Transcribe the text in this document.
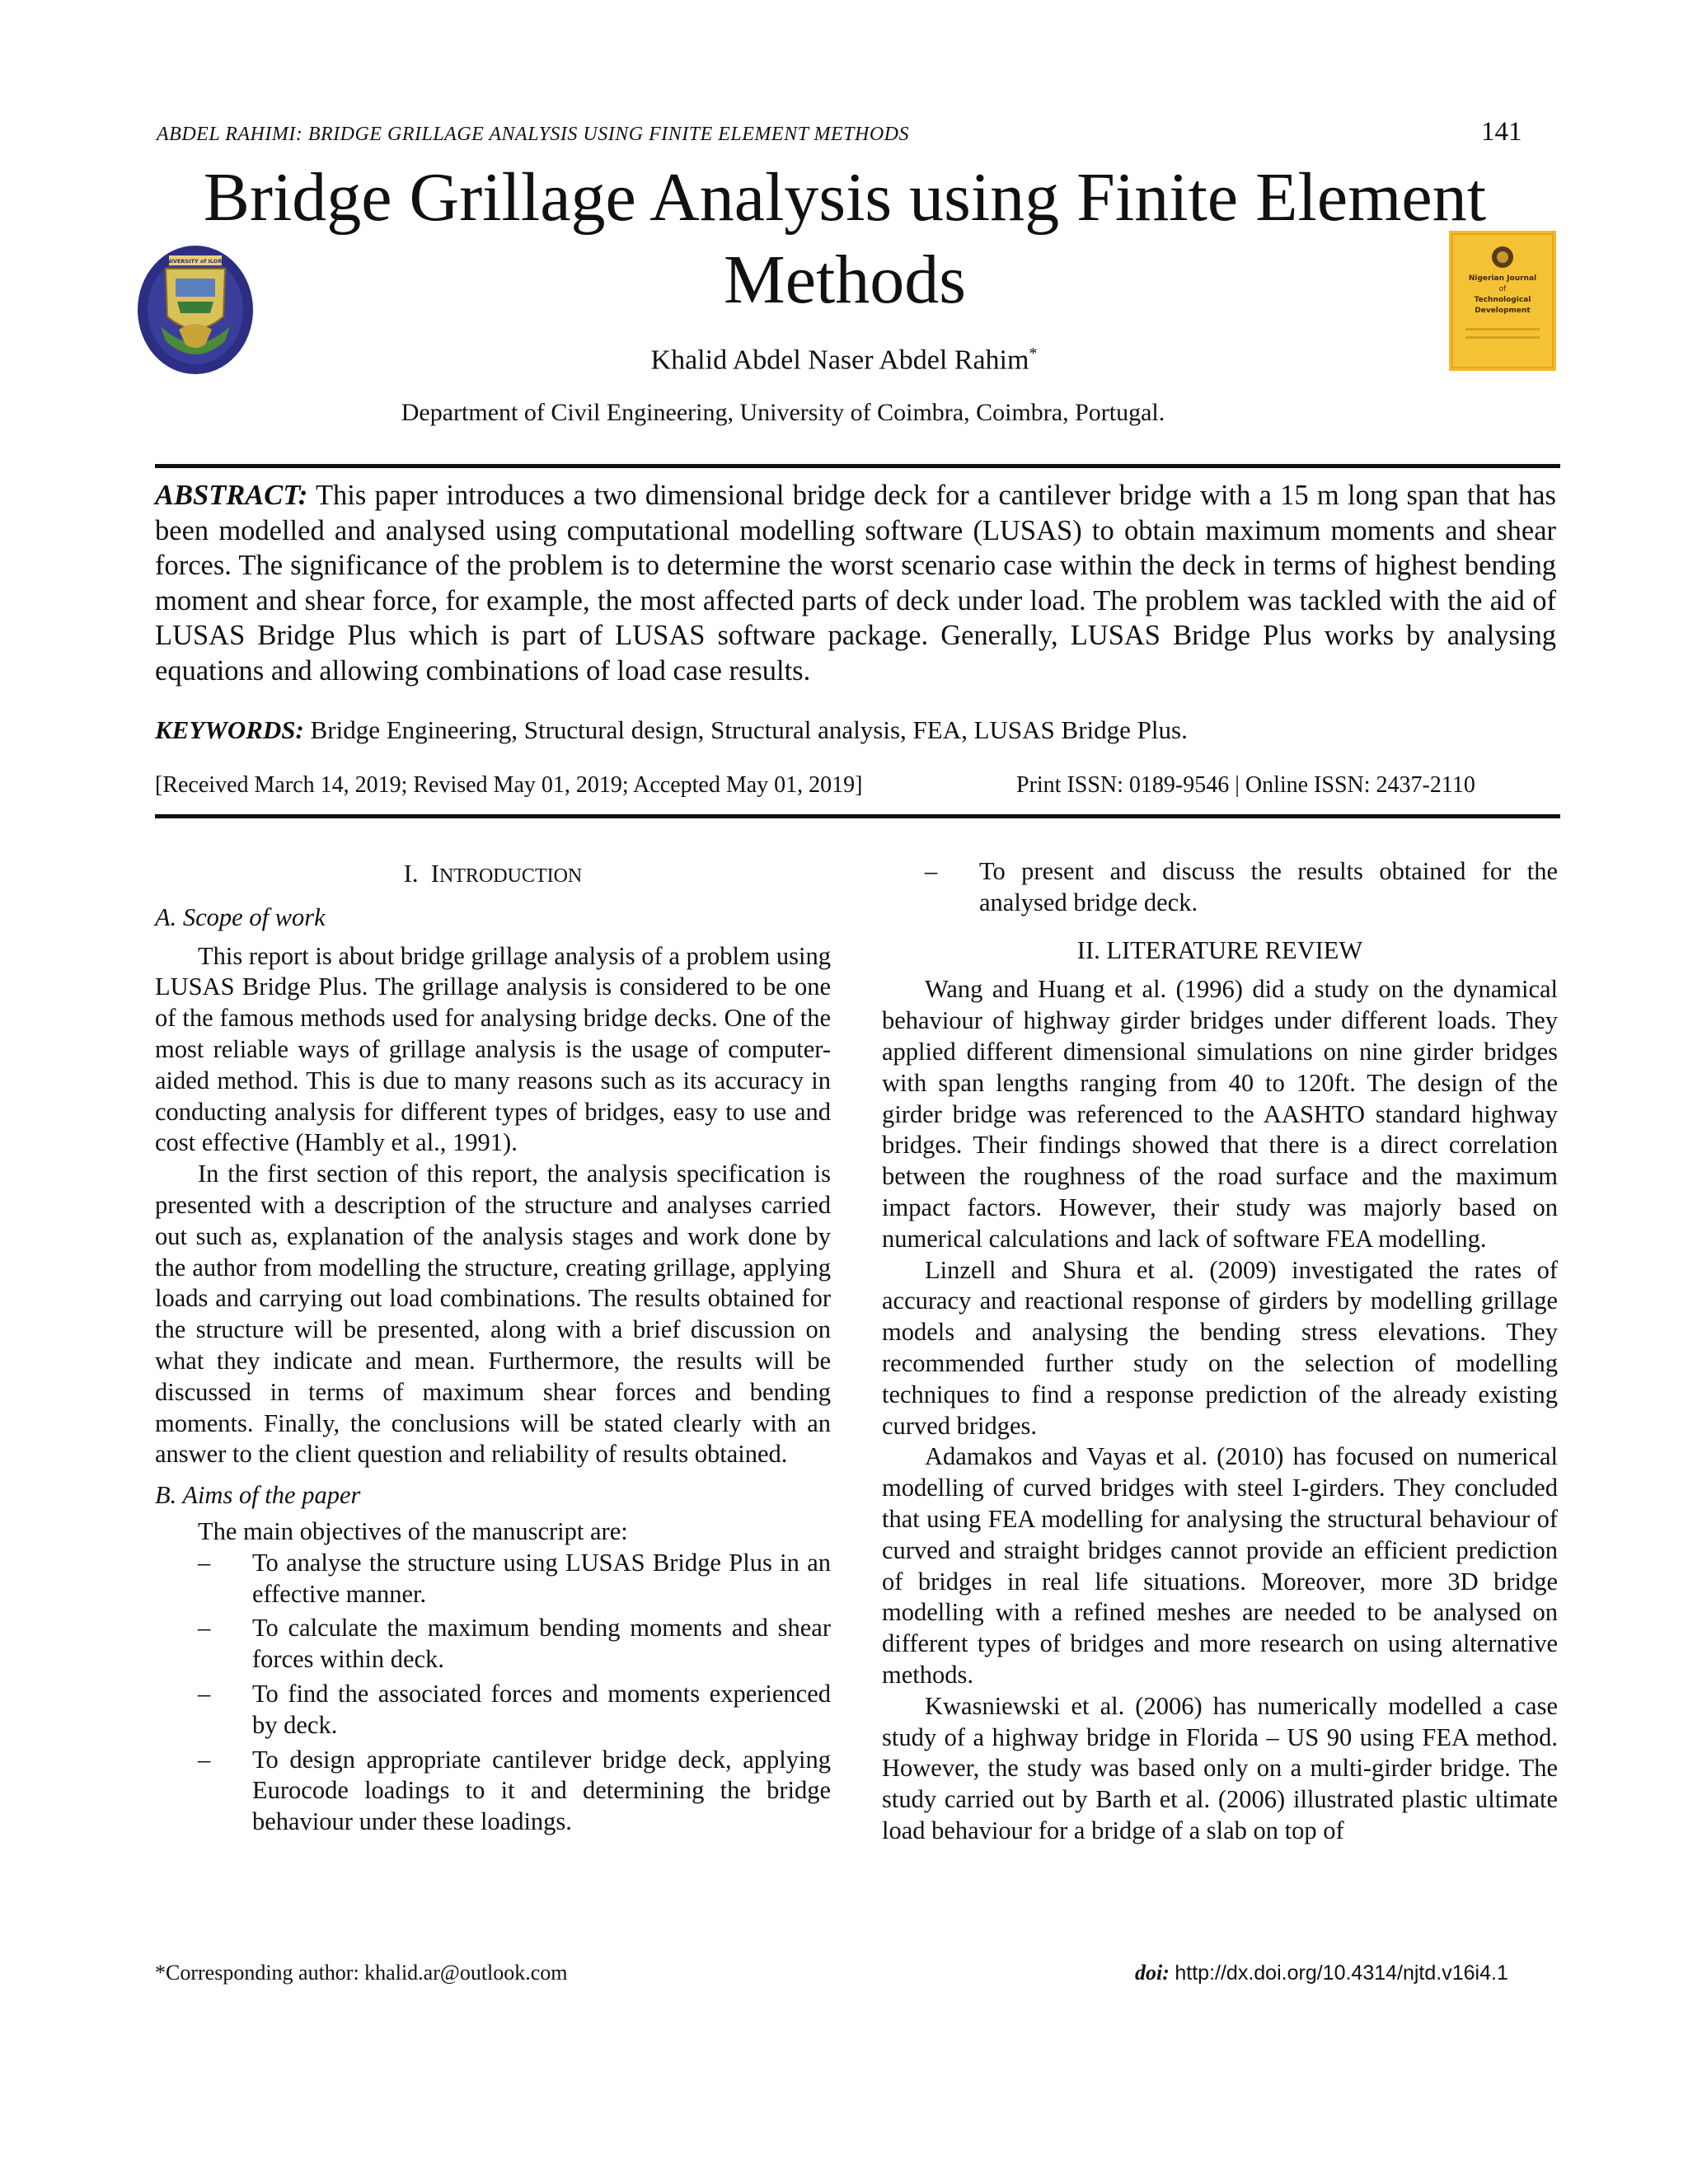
ABDEL RAHIMI: BRIDGE GRILLAGE ANALYSIS USING FINITE ELEMENT METHODS	141
UNIVERSITY of ILORIN
Nigerian Journal
of
Technological
Development
Bridge Grillage Analysis using Finite Element
Methods
Khalid Abdel Naser Abdel Rahim*
Department of Civil Engineering, University of Coimbra, Coimbra, Portugal.
ABSTRACT: This paper introduces a two dimensional bridge deck for a cantilever bridge with a 15 m long span that has been modelled and analysed using computational modelling software (LUSAS) to obtain maximum moments and shear forces. The significance of the problem is to determine the worst scenario case within the deck in terms of highest bending moment and shear force, for example, the most affected parts of deck under load. The problem was tackled with the aid of LUSAS Bridge Plus which is part of LUSAS software package. Generally, LUSAS Bridge Plus works by analysing equations and allowing combinations of load case results.
KEYWORDS: Bridge Engineering, Structural design, Structural analysis, FEA, LUSAS Bridge Plus.
[Received March 14, 2019; Revised May 01, 2019; Accepted May 01, 2019]	Print ISSN: 0189-9546 | Online ISSN: 2437-2110

I. INTRODUCTION

A. Scope of work

This report is about bridge grillage analysis of a problem using LUSAS Bridge Plus. The grillage analysis is considered to be one of the famous methods used for analysing bridge decks. One of the most reliable ways of grillage analysis is the usage of computer-aided method. This is due to many reasons such as its accuracy in conducting analysis for different types of bridges, easy to use and cost effective (Hambly et al., 1991).

In the first section of this report, the analysis specification is presented with a description of the structure and analyses carried out such as, explanation of the analysis stages and work done by the author from modelling the structure, creating grillage, applying loads and carrying out load combinations. The results obtained for the structure will be presented, along with a brief discussion on what they indicate and mean. Furthermore, the results will be discussed in terms of maximum shear forces and bending moments. Finally, the conclusions will be stated clearly with an answer to the client question and reliability of results obtained.

B. Aims of the paper

The main objectives of the manuscript are:

– To analyse the structure using LUSAS Bridge Plus in an effective manner.

– To calculate the maximum bending moments and shear forces within deck.

– To find the associated forces and moments experienced by deck.

– To design appropriate cantilever bridge deck, applying Eurocode loadings to it and determining the bridge behaviour under these loadings.

– To present and discuss the results obtained for the analysed bridge deck.

II. LITERATURE REVIEW

Wang and Huang et al. (1996) did a study on the dynamical behaviour of highway girder bridges under different loads. They applied different dimensional simulations on nine girder bridges with span lengths ranging from 40 to 120ft. The design of the girder bridge was referenced to the AASHTO standard highway bridges. Their findings showed that there is a direct correlation between the roughness of the road surface and the maximum impact factors. However, their study was majorly based on numerical calculations and lack of software FEA modelling.

Linzell and Shura et al. (2009) investigated the rates of accuracy and reactional response of girders by modelling grillage models and analysing the bending stress elevations. They recommended further study on the selection of modelling techniques to find a response prediction of the already existing curved bridges.

Adamakos and Vayas et al. (2010) has focused on numerical modelling of curved bridges with steel I-girders. They concluded that using FEA modelling for analysing the structural behaviour of curved and straight bridges cannot provide an efficient prediction of bridges in real life situations. Moreover, more 3D bridge modelling with a refined meshes are needed to be analysed on different types of bridges and more research on using alternative methods.

Kwasniewski et al. (2006) has numerically modelled a case study of a highway bridge in Florida – US 90 using FEA method. However, the study was based only on a multi-girder bridge. The study carried out by Barth et al. (2006) illustrated plastic ultimate load behaviour for a bridge of a slab on top of

*Corresponding author: khalid.ar@outlook.com	doi: http://dx.doi.org/10.4314/njtd.v16i4.1
